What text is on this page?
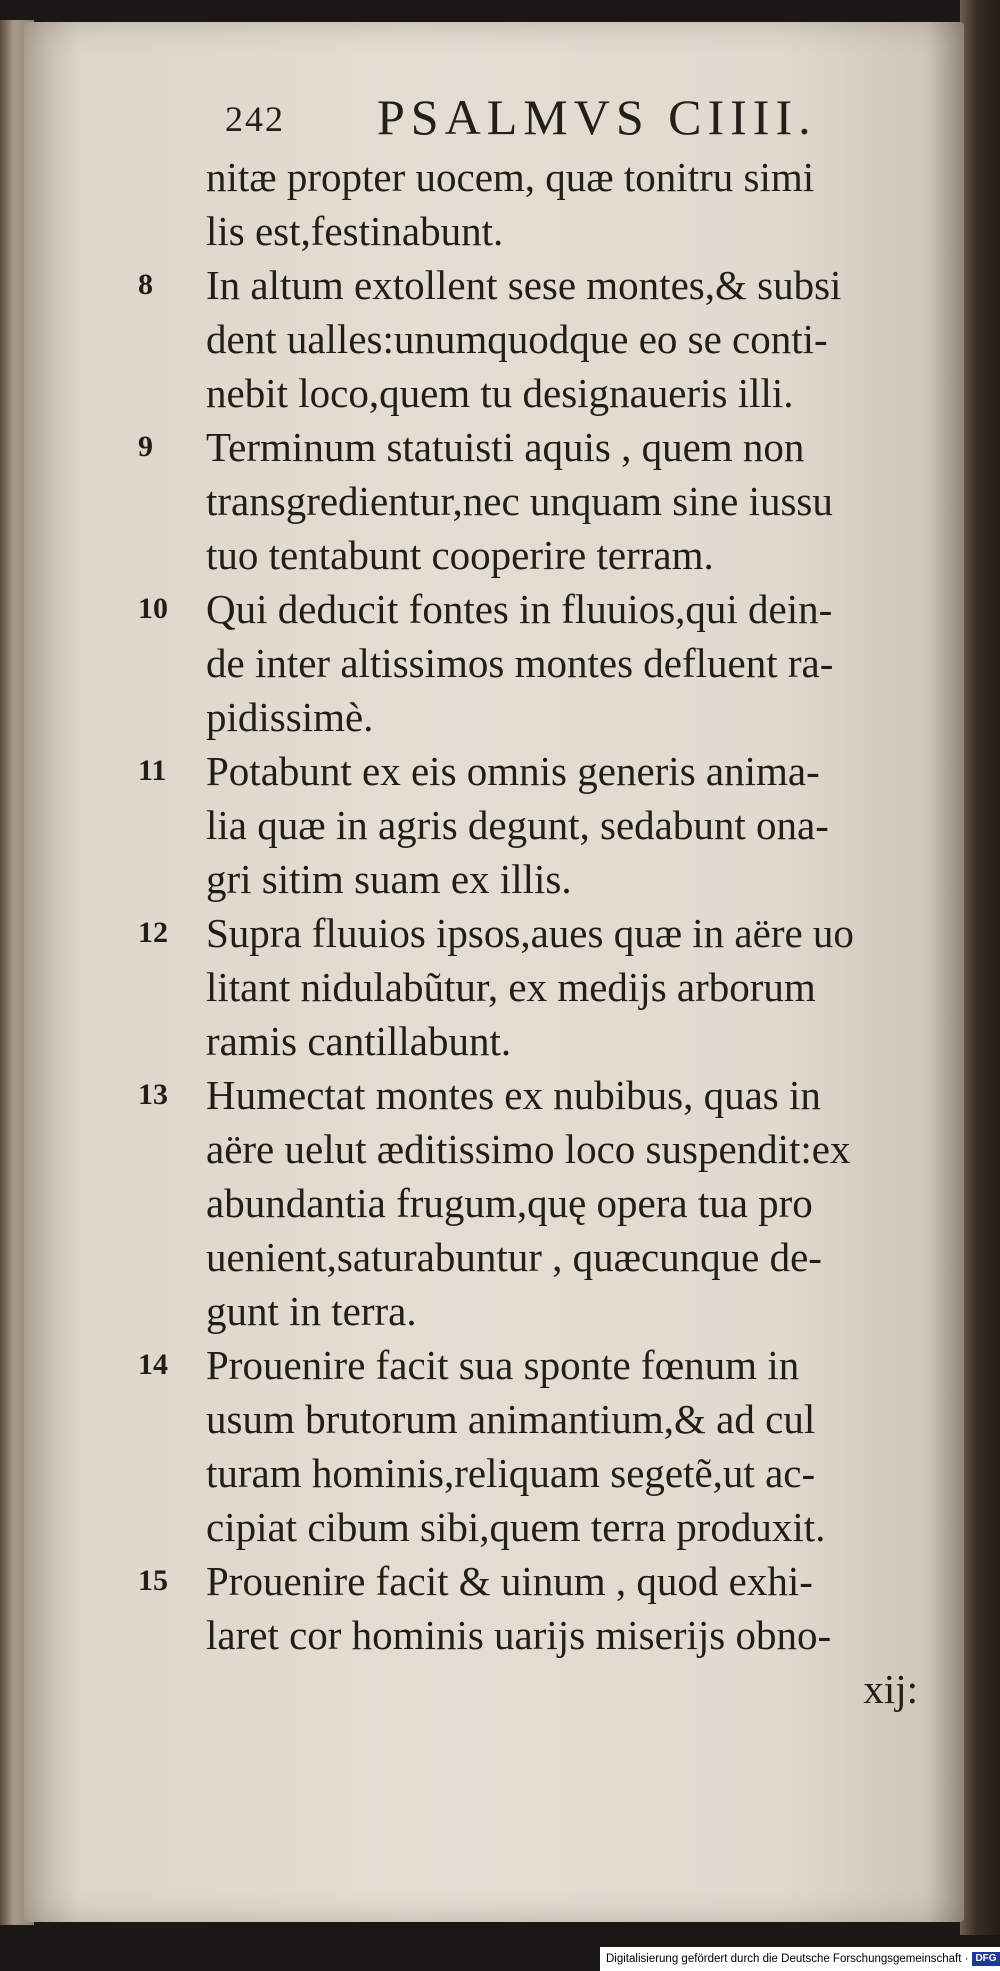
242 PSALMVS CIIII.
nitæ propter uocem, quæ tonitru simi
lis est,festinabunt.
8	In altum extollent sese montes,& subsi
dent ualles:unumquodque eo se conti-
nebit loco,quem tu designaueris illi.
9	Terminum statuisti aquis , quem non
transgredientur,nec unquam sine iussu
tuo tentabunt cooperire terram.
10 Qui deducit fontes in fluuios,qui dein-
de inter altissimos montes defluent ra-
pidissimè.
11 Potabunt ex eis omnis generis anima-
lia quæ in agris degunt, sedabunt ona-
gri sitim suam ex illis.
12 Supra fluuios ipsos,aues quæ in aëre uo
litant nidulabũtur, ex medijs arborum
ramis cantillabunt.
13 Humectat montes ex nubibus, quas in
aëre uelut æditissimo loco suspendit:ex
abundantia frugum,quę opera tua pro
uenient,saturabuntur , quæcunque de-
gunt in terra.
14 Prouenire facit sua sponte fœnum in
usum brutorum animantium,& ad cul
turam hominis,reliquam segetẽ,ut ac-
cipiat cibum sibi,quem terra produxit.
15 Prouenire facit & uinum , quod exhi-
laret cor hominis uarijs miserijs obno-
xij:
Digitalisierung gefördert durch die Deutsche Forschungsgemeinschaft · DFG
